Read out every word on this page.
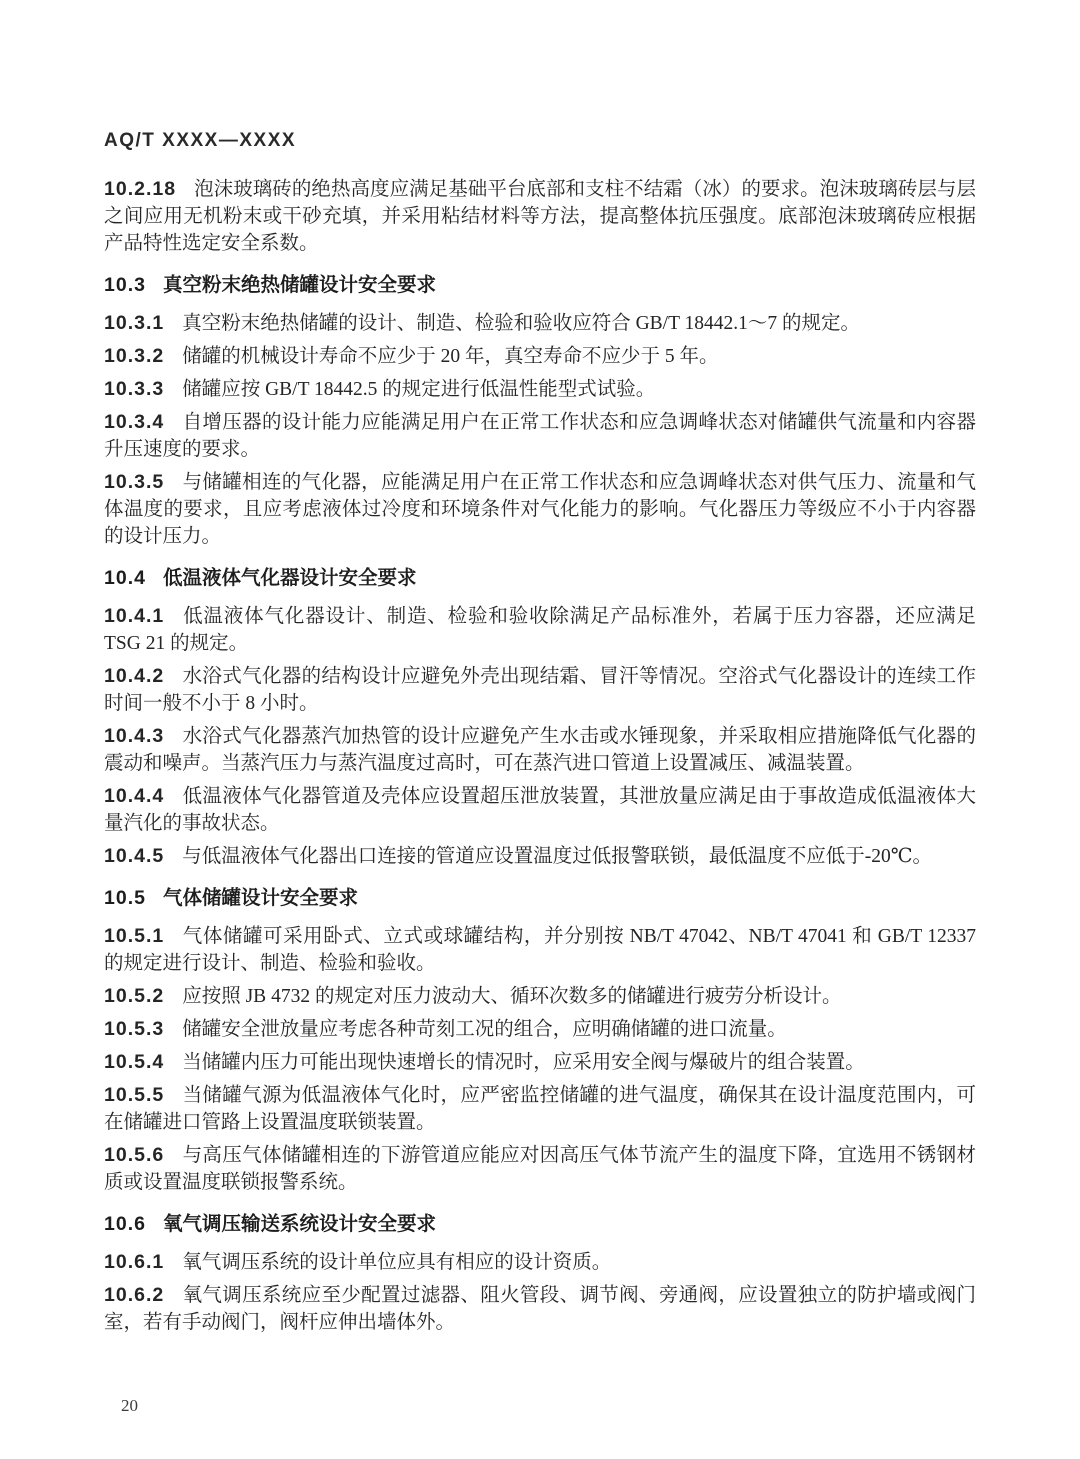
AQ/T XXXX—XXXX

10.2.18 泡沫玻璃砖的绝热高度应满足基础平台底部和支柱不结霜（冰）的要求。泡沫玻璃砖层与层之间应用无机粉末或干砂充填，并采用粘结材料等方法，提高整体抗压强度。底部泡沫玻璃砖应根据产品特性选定安全系数。

10.3 真空粉末绝热储罐设计安全要求

10.3.1 真空粉末绝热储罐的设计、制造、检验和验收应符合 GB/T 18442.1～7 的规定。

10.3.2 储罐的机械设计寿命不应少于 20 年，真空寿命不应少于 5 年。

10.3.3 储罐应按 GB/T 18442.5 的规定进行低温性能型式试验。

10.3.4 自增压器的设计能力应能满足用户在正常工作状态和应急调峰状态对储罐供气流量和内容器升压速度的要求。

10.3.5 与储罐相连的气化器，应能满足用户在正常工作状态和应急调峰状态对供气压力、流量和气体温度的要求，且应考虑液体过冷度和环境条件对气化能力的影响。气化器压力等级应不小于内容器的设计压力。

10.4 低温液体气化器设计安全要求

10.4.1 低温液体气化器设计、制造、检验和验收除满足产品标准外，若属于压力容器，还应满足 TSG 21 的规定。

10.4.2 水浴式气化器的结构设计应避免外壳出现结霜、冒汗等情况。空浴式气化器设计的连续工作时间一般不小于 8 小时。

10.4.3 水浴式气化器蒸汽加热管的设计应避免产生水击或水锤现象，并采取相应措施降低气化器的震动和噪声。当蒸汽压力与蒸汽温度过高时，可在蒸汽进口管道上设置减压、减温装置。

10.4.4 低温液体气化器管道及壳体应设置超压泄放装置，其泄放量应满足由于事故造成低温液体大量汽化的事故状态。

10.4.5 与低温液体气化器出口连接的管道应设置温度过低报警联锁，最低温度不应低于-20℃。

10.5 气体储罐设计安全要求

10.5.1 气体储罐可采用卧式、立式或球罐结构，并分别按 NB/T 47042、NB/T 47041 和 GB/T 12337 的规定进行设计、制造、检验和验收。

10.5.2 应按照 JB 4732 的规定对压力波动大、循环次数多的储罐进行疲劳分析设计。

10.5.3 储罐安全泄放量应考虑各种苛刻工况的组合，应明确储罐的进口流量。

10.5.4 当储罐内压力可能出现快速增长的情况时，应采用安全阀与爆破片的组合装置。

10.5.5 当储罐气源为低温液体气化时，应严密监控储罐的进气温度，确保其在设计温度范围内，可在储罐进口管路上设置温度联锁装置。

10.5.6 与高压气体储罐相连的下游管道应能应对因高压气体节流产生的温度下降，宜选用不锈钢材质或设置温度联锁报警系统。

10.6 氧气调压输送系统设计安全要求

10.6.1 氧气调压系统的设计单位应具有相应的设计资质。

10.6.2 氧气调压系统应至少配置过滤器、阻火管段、调节阀、旁通阀，应设置独立的防护墙或阀门室，若有手动阀门，阀杆应伸出墙体外。

20
